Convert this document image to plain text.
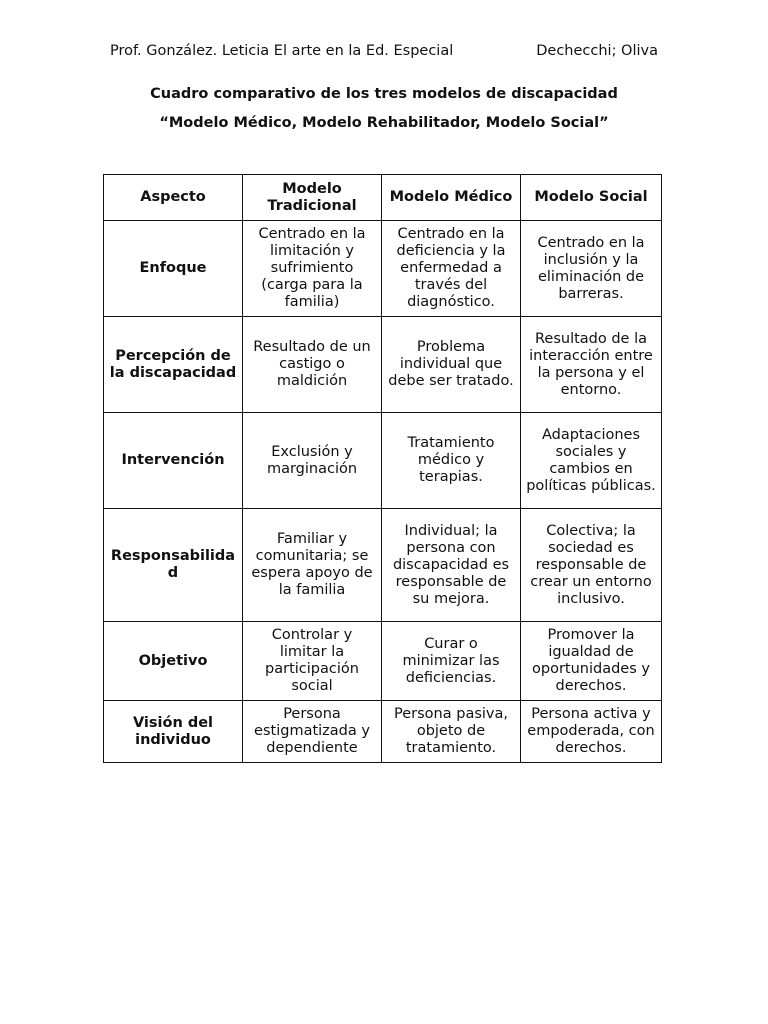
Prof. González. Leticia El arte en la Ed. Especial	Dechecchi; Oliva
Cuadro comparativo de los tres modelos de discapacidad
“Modelo Médico, Modelo Rehabilitador, Modelo Social”
Aspecto	Modelo Tradicional	Modelo Médico	Modelo Social
Enfoque	Centrado en la limitación y sufrimiento (carga para la familia)	Centrado en la deficiencia y la enfermedad a través del diagnóstico.	Centrado en la inclusión y la eliminación de barreras.
Percepción de la discapacidad	Resultado de un castigo o maldición	Problema individual que debe ser tratado.	Resultado de la interacción entre la persona y el entorno.
Intervención	Exclusión y marginación	Tratamiento médico y terapias.	Adaptaciones sociales y cambios en políticas públicas.
Responsabilidad	Familiar y comunitaria; se espera apoyo de la familia	Individual; la persona con discapacidad es responsable de su mejora.	Colectiva; la sociedad es responsable de crear un entorno inclusivo.
Objetivo	Controlar y limitar la participación social	Curar o minimizar las deficiencias.	Promover la igualdad de oportunidades y derechos.
Visión del individuo	Persona estigmatizada y dependiente	Persona pasiva, objeto de tratamiento.	Persona activa y empoderada, con derechos.
